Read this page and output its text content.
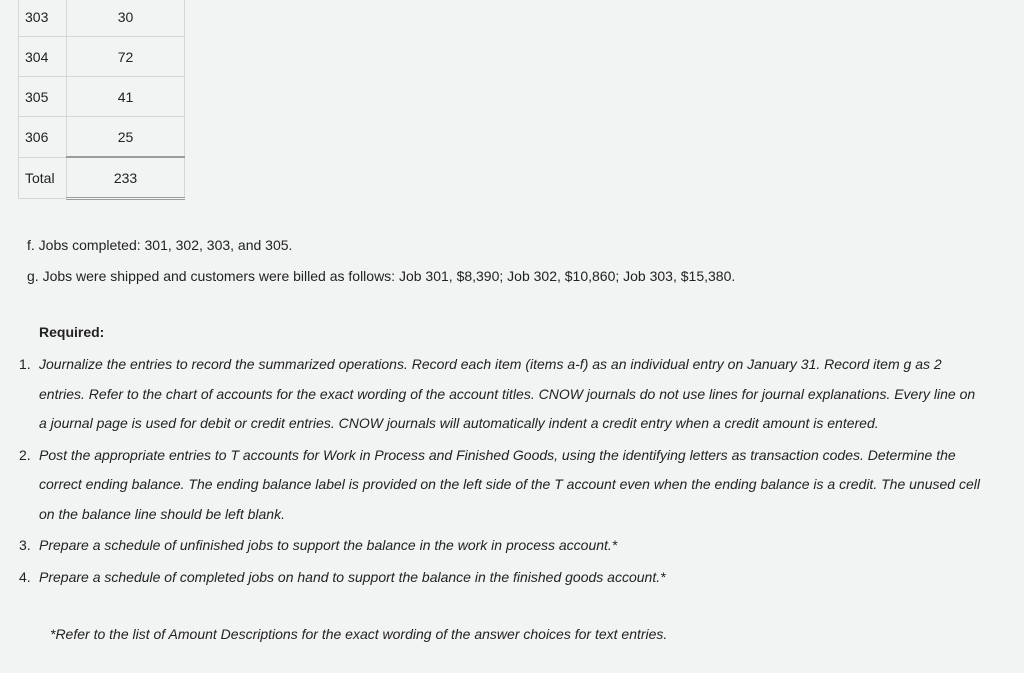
303	30
304	72
305	41
306	25
Total	233
f. Jobs completed: 301, 302, 303, and 305.
g. Jobs were shipped and customers were billed as follows: Job 301, $8,390; Job 302, $10,860; Job 303, $15,380.
Required:
1. Journalize the entries to record the summarized operations. Record each item (items a-f) as an individual entry on January 31. Record item g as 2 entries. Refer to the chart of accounts for the exact wording of the account titles. CNOW journals do not use lines for journal explanations. Every line on a journal page is used for debit or credit entries. CNOW journals will automatically indent a credit entry when a credit amount is entered.
2. Post the appropriate entries to T accounts for Work in Process and Finished Goods, using the identifying letters as transaction codes. Determine the correct ending balance. The ending balance label is provided on the left side of the T account even when the ending balance is a credit. The unused cell on the balance line should be left blank.
3. Prepare a schedule of unfinished jobs to support the balance in the work in process account.*
4. Prepare a schedule of completed jobs on hand to support the balance in the finished goods account.*
*Refer to the list of Amount Descriptions for the exact wording of the answer choices for text entries.
